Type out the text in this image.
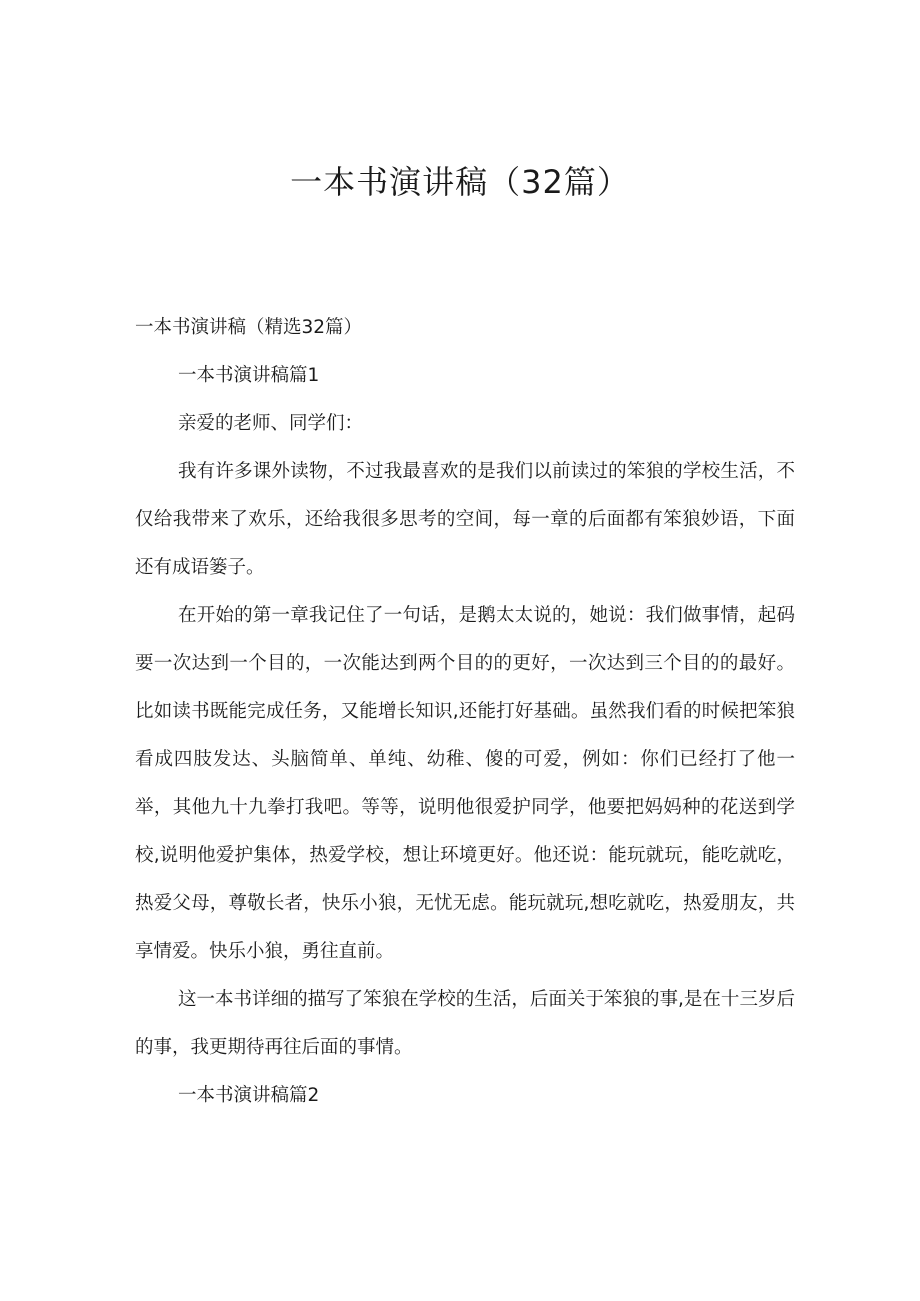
一本书演讲稿（32篇）

一本书演讲稿（精选32篇）

一本书演讲稿篇1

亲爱的老师、同学们：

我有许多课外读物，不过我最喜欢的是我们以前读过的笨狼的学校生活，不仅给我带来了欢乐，还给我很多思考的空间，每一章的后面都有笨狼妙语，下面还有成语篓子。

在开始的第一章我记住了一句话，是鹅太太说的，她说：我们做事情，起码要一次达到一个目的，一次能达到两个目的的更好，一次达到三个目的的最好。比如读书既能完成任务，又能增长知识,还能打好基础。虽然我们看的时候把笨狼看成四肢发达、头脑简单、单纯、幼稚、傻的可爱，例如：你们已经打了他一举，其他九十九拳打我吧。等等，说明他很爱护同学，他要把妈妈种的花送到学校,说明他爱护集体，热爱学校，想让环境更好。他还说：能玩就玩，能吃就吃，热爱父母，尊敬长者，快乐小狼，无忧无虑。能玩就玩,想吃就吃，热爱朋友，共享情爱。快乐小狼，勇往直前。

这一本书详细的描写了笨狼在学校的生活，后面关于笨狼的事,是在十三岁后的事，我更期待再往后面的事情。

一本书演讲稿篇2
